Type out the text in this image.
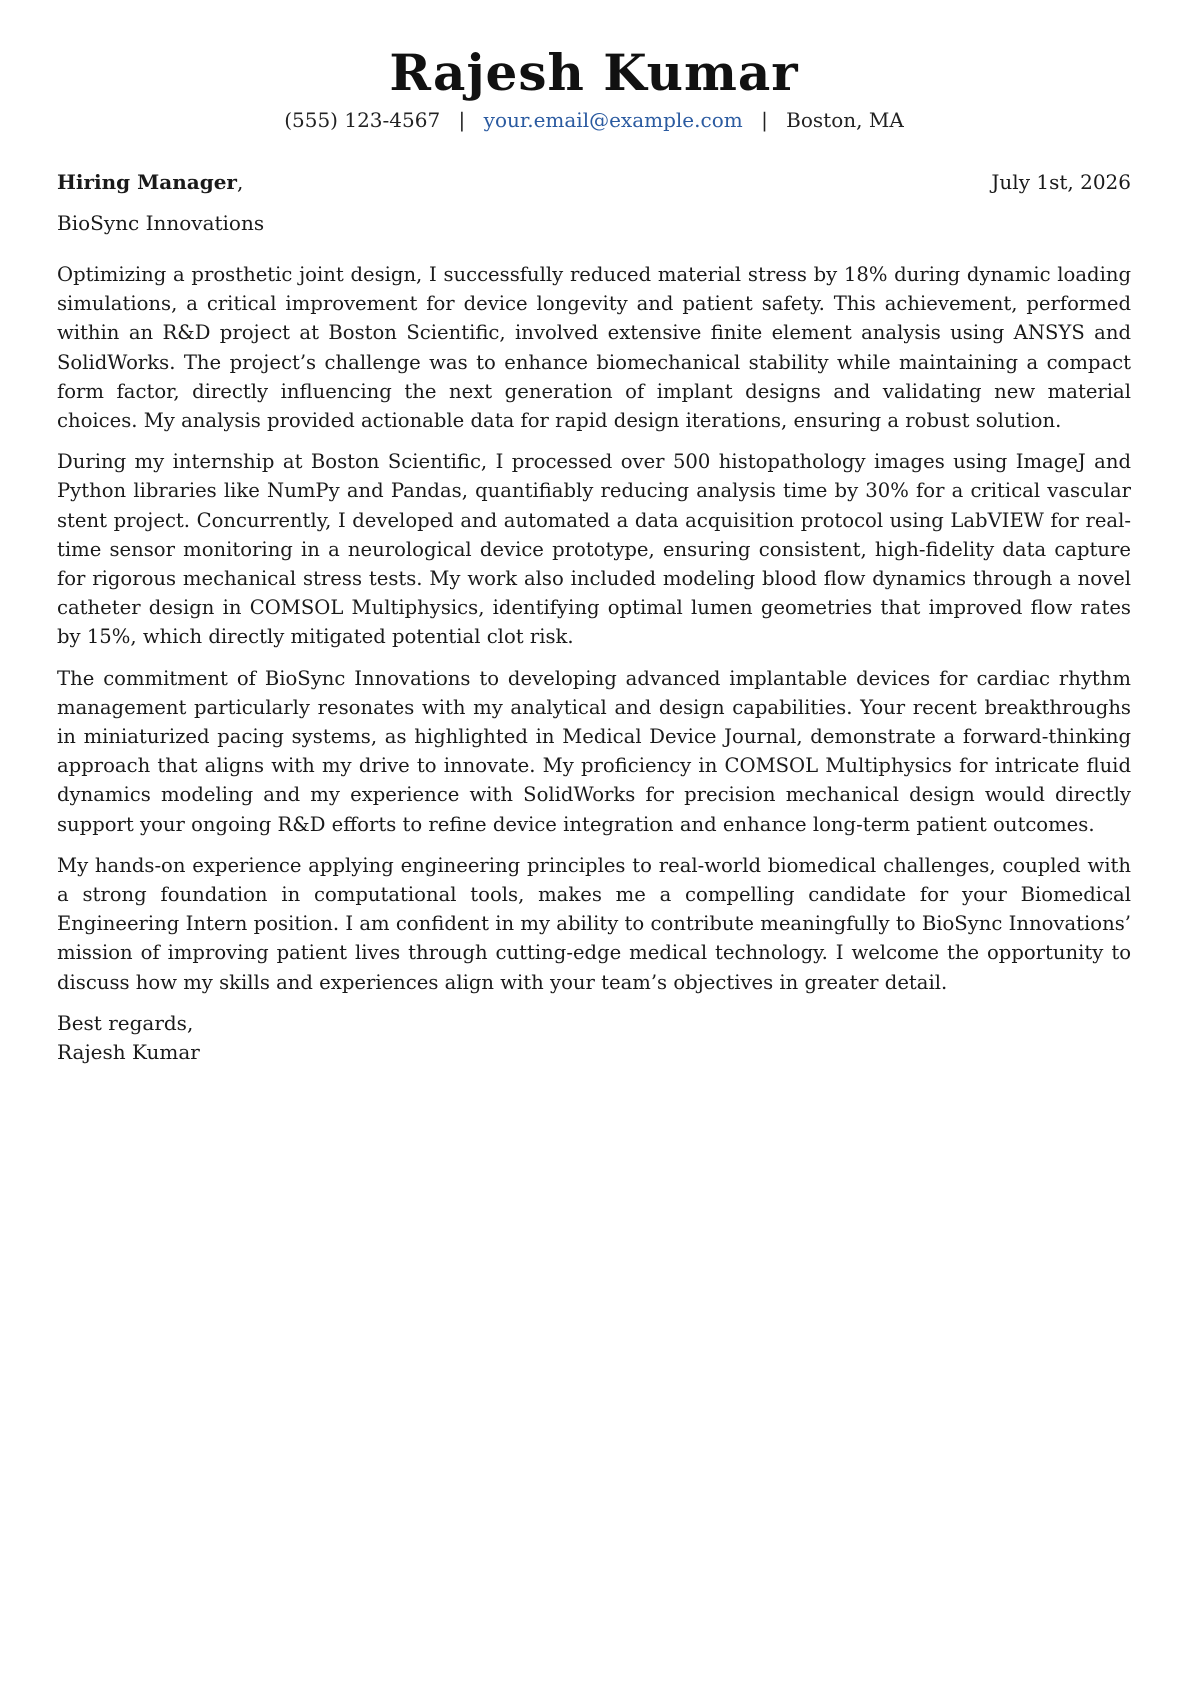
Rajesh Kumar
(555) 123-4567 | your.email@example.com | Boston, MA
Hiring Manager,	July 1st, 2026
BioSync Innovations

Optimizing a prosthetic joint design, I successfully reduced material stress by 18% during dynamic loading simulations, a critical improvement for device longevity and patient safety. This achievement, performed within an R&D project at Boston Scientific, involved extensive finite element analysis using ANSYS and SolidWorks. The project’s challenge was to enhance biomechanical stability while maintaining a compact form factor, directly influencing the next generation of implant designs and validating new material choices. My analysis provided actionable data for rapid design iterations, ensuring a robust solution.

During my internship at Boston Scientific, I processed over 500 histopathology images using ImageJ and Python libraries like NumPy and Pandas, quantifiably reducing analysis time by 30% for a critical vascular stent project. Concurrently, I developed and automated a data acquisition protocol using LabVIEW for real-time sensor monitoring in a neurological device prototype, ensuring consistent, high-fidelity data capture for rigorous mechanical stress tests. My work also included modeling blood flow dynamics through a novel catheter design in COMSOL Multiphysics, identifying optimal lumen geometries that improved flow rates by 15%, which directly mitigated potential clot risk.

The commitment of BioSync Innovations to developing advanced implantable devices for cardiac rhythm management particularly resonates with my analytical and design capabilities. Your recent breakthroughs in miniaturized pacing systems, as highlighted in Medical Device Journal, demonstrate a forward-thinking approach that aligns with my drive to innovate. My proficiency in COMSOL Multiphysics for intricate fluid dynamics modeling and my experience with SolidWorks for precision mechanical design would directly support your ongoing R&D efforts to refine device integration and enhance long-term patient outcomes.

My hands-on experience applying engineering principles to real-world biomedical challenges, coupled with a strong foundation in computational tools, makes me a compelling candidate for your Biomedical Engineering Intern position. I am confident in my ability to contribute meaningfully to BioSync Innovations’ mission of improving patient lives through cutting-edge medical technology. I welcome the opportunity to discuss how my skills and experiences align with your team’s objectives in greater detail.

Best regards,
Rajesh Kumar
